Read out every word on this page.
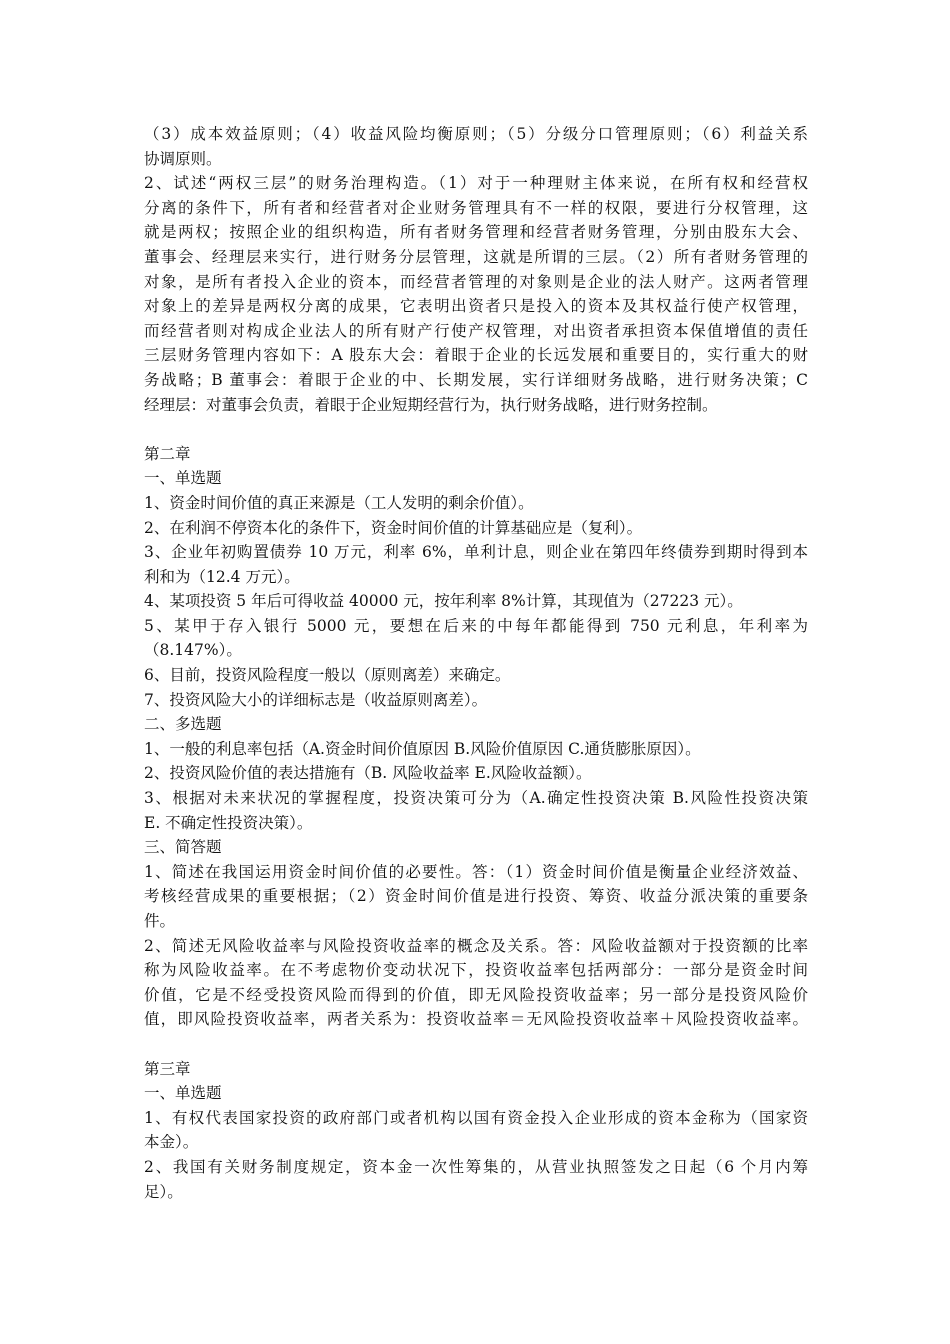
（3）成本效益原则；（4）收益风险均衡原则；（5）分级分口管理原则；（6）利益关系

协调原则。

2、试述“两权三层”的财务治理构造。（1）对于一种理财主体来说，在所有权和经营权

分离的条件下，所有者和经营者对企业财务管理具有不一样的权限，要进行分权管理，这

就是两权；按照企业的组织构造，所有者财务管理和经营者财务管理，分别由股东大会、

董事会、经理层来实行，进行财务分层管理，这就是所谓的三层。（2）所有者财务管理的

对象，是所有者投入企业的资本，而经营者管理的对象则是企业的法人财产。这两者管理

对象上的差异是两权分离的成果，它表明出资者只是投入的资本及其权益行使产权管理，

而经营者则对构成企业法人的所有财产行使产权管理，对出资者承担资本保值增值的责任

三层财务管理内容如下：A 股东大会：着眼于企业的长远发展和重要目的，实行重大的财

务战略；B 董事会：着眼于企业的中、长期发展，实行详细财务战略，进行财务决策；C

经理层：对董事会负责，着眼于企业短期经营行为，执行财务战略，进行财务控制。

第二章

一、单选题

1、资金时间价值的真正来源是（工人发明的剩余价值）。

2、在利润不停资本化的条件下，资金时间价值的计算基础应是（复利）。

3、企业年初购置债券 10 万元，利率 6%，单利计息，则企业在第四年终债券到期时得到本

利和为（12.4 万元）。

4、某项投资 5 年后可得收益 40000 元，按年利率 8%计算，其现值为（27223 元）。

5、某甲于存入银行 5000 元，要想在后来的中每年都能得到 750 元利息，年利率为

（8.147%）。

6、目前，投资风险程度一般以（原则离差）来确定。

7、投资风险大小的详细标志是（收益原则离差）。

二、多选题

1、一般的利息率包括（A.资金时间价值原因 B.风险价值原因 C.通货膨胀原因）。

2、投资风险价值的表达措施有（B. 风险收益率 E.风险收益额）。

3、根据对未来状况的掌握程度，投资决策可分为（A.确定性投资决策 B.风险性投资决策

E. 不确定性投资决策）。

三、简答题

1、简述在我国运用资金时间价值的必要性。答：（1）资金时间价值是衡量企业经济效益、

考核经营成果的重要根据；（2）资金时间价值是进行投资、筹资、收益分派决策的重要条

件。

2、简述无风险收益率与风险投资收益率的概念及关系。答：风险收益额对于投资额的比率

称为风险收益率。在不考虑物价变动状况下，投资收益率包括两部分：一部分是资金时间

价值，它是不经受投资风险而得到的价值，即无风险投资收益率；另一部分是投资风险价

值，即风险投资收益率，两者关系为：投资收益率＝无风险投资收益率＋风险投资收益率。

第三章

一、单选题

1、有权代表国家投资的政府部门或者机构以国有资金投入企业形成的资本金称为（国家资

本金）。

2、我国有关财务制度规定，资本金一次性筹集的，从营业执照签发之日起（6 个月内筹

足）。
